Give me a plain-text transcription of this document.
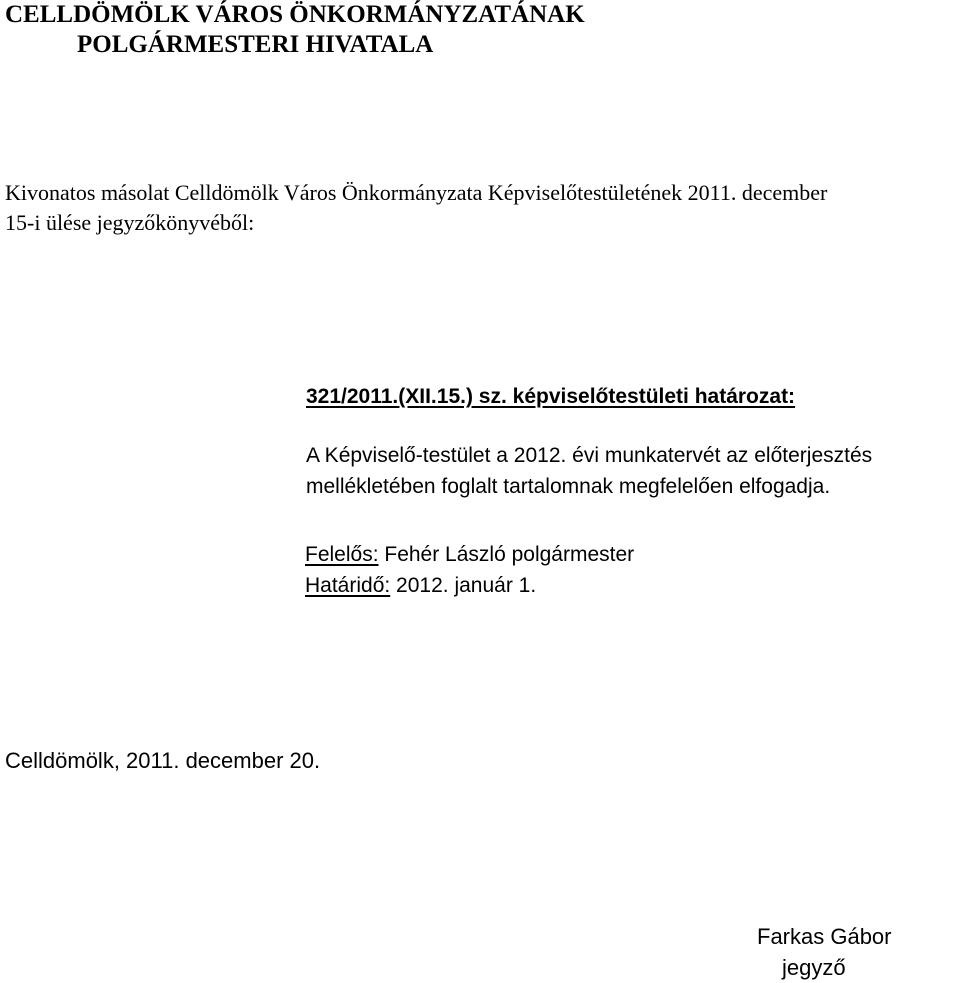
CELLDÖMÖLK VÁROS ÖNKORMÁNYZATÁNAK
POLGÁRMESTERI HIVATALA
Kivonatos másolat Celldömölk Város Önkormányzata Képviselőtestületének 2011. december
15-i ülése jegyzőkönyvéből:
321/2011.(XII.15.) sz. képviselőtestületi határozat:
A Képviselő-testület a 2012. évi munkatervét az előterjesztés
mellékletében foglalt tartalomnak megfelelően elfogadja.
Felelős: Fehér László polgármester
Határidő: 2012. január 1.
Celldömölk, 2011. december 20.
Farkas Gábor
jegyző
